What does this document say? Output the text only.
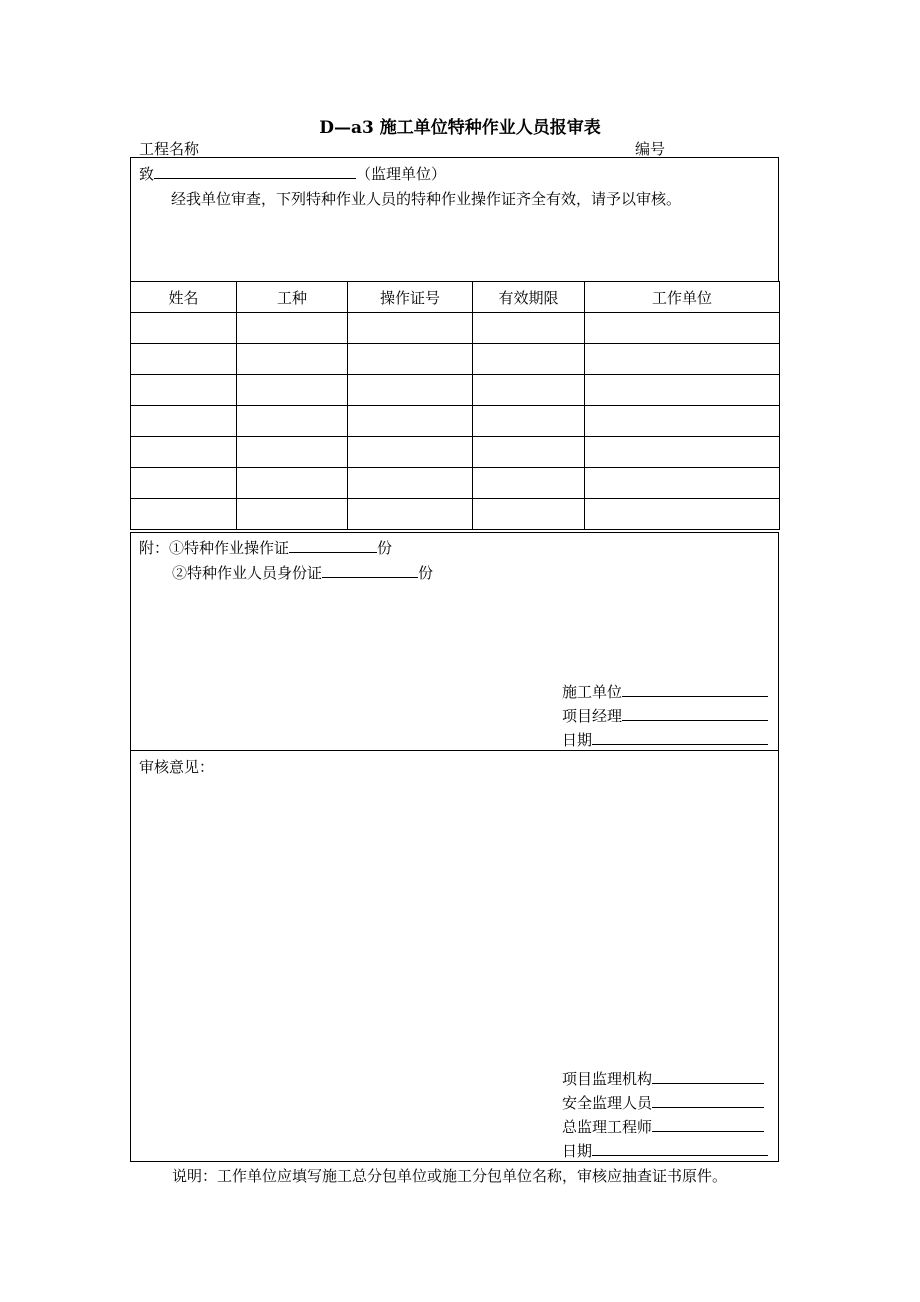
D—a3 施工单位特种作业人员报审表
工程名称	编号
致	（监理单位）
经我单位审查，下列特种作业人员的特种作业操作证齐全有效，请予以审核。
姓名	工种	操作证号	有效期限	工作单位

附：①特种作业操作证	份
②特种作业人员身份证	份
施工单位
项目经理
日期
审核意见：
项目监理机构
安全监理人员
总监理工程师
日期
说明：工作单位应填写施工总分包单位或施工分包单位名称，审核应抽查证书原件。
